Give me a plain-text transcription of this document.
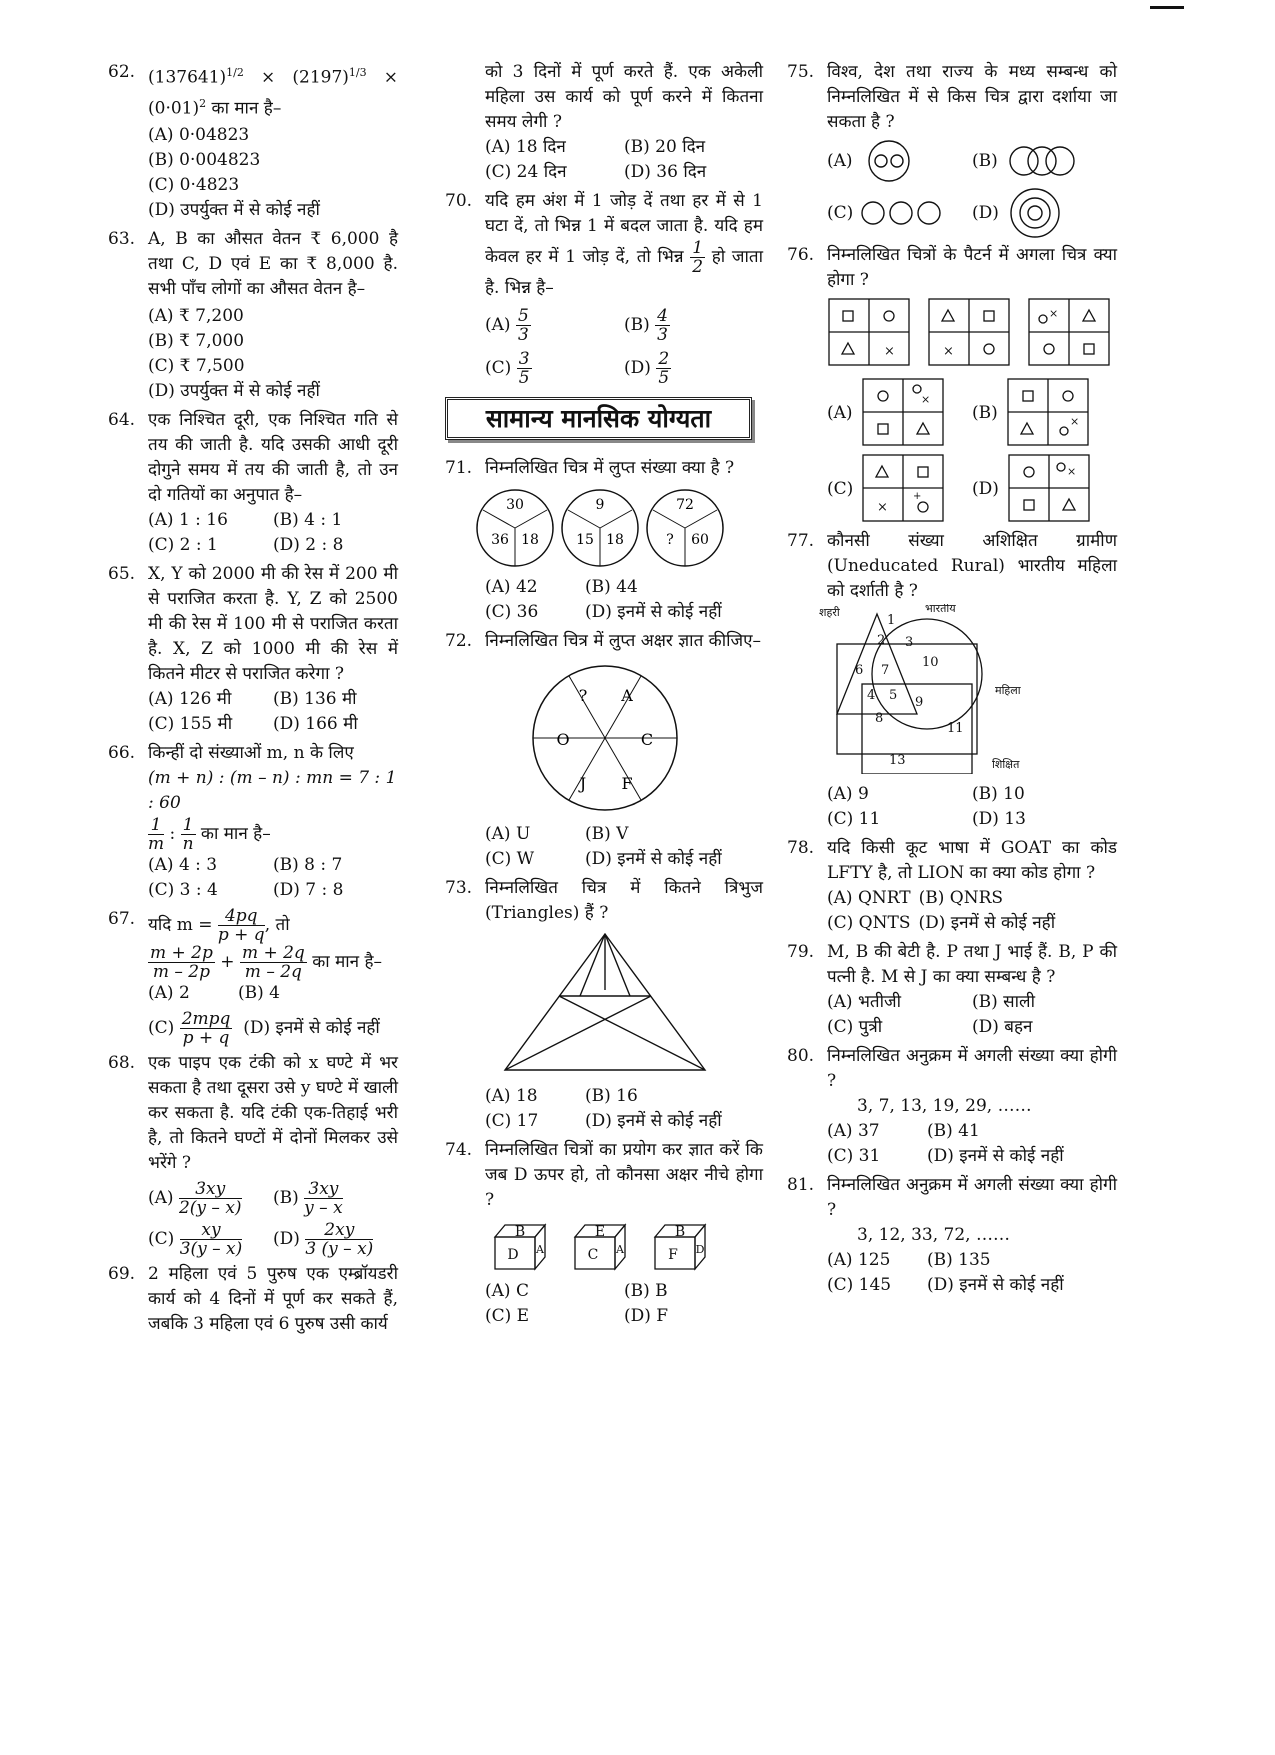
62. $(137641)^{1/2} \times (2197)^{1/3} \times (0\cdot 01)^2$ का मान है–
(A) 0·04823
(B) 0·004823
(C) 0·4823
(D) उपर्युक्त में से कोई नहीं
63. A, B का औसत वेतन ₹ 6,000 है तथा C, D एवं E का ₹ 8,000 है. सभी पाँच लोगों का औसत वेतन है–
(A) ₹ 7,200
(B) ₹ 7,000
(C) ₹ 7,500
(D) उपर्युक्त में से कोई नहीं
64. एक निश्चित दूरी, एक निश्चित गति से तय की जाती है. यदि उसकी आधी दूरी दोगुने समय में तय की जाती है, तो उन दो गतियों का अनुपात है–
(A) 1 : 16	(B) 4 : 1
(C) 2 : 1	(D) 2 : 8
65. X, Y को 2000 मी की रेस में 200 मी से पराजित करता है. Y, Z को 2500 मी की रेस में 100 मी से पराजित करता है. X, Z को 1000 मी की रेस में कितने मीटर से पराजित करेगा ?
(A) 126 मी	(B) 136 मी
(C) 155 मी	(D) 166 मी
66. किन्हीं दो संख्याओं m, n के लिए
(m + n) : (m – n) : mn = 7 : 1 : 60
$\frac{1}{m}$ : $\frac{1}{n}$ का मान है–
(A) 4 : 3	(B) 8 : 7
(C) 3 : 4	(D) 7 : 8
67. यदि $m = \frac{4pq}{p + q}$ , तो
$\frac{m + 2p}{m - 2p} + \frac{m + 2q}{m - 2q}$ का मान है–
(A) 2	(B) 4
$(C) \frac{\text{2mpq}}{p + q} (D)$ इनमें से कोई नहीं
68. एक पाइप एक टंकी को x घण्टे में भर सकता है तथा दूसरा उसे y घण्टे में खाली कर सकता है. यदि टंकी एक-तिहाई भरी है, तो कितने घण्टों में दोनों मिलकर उसे भरेंगे ?
$(A) \frac{3xy}{2(y - x)} (B) \frac{3xy}{y - x}$
$(C) \frac{xy}{3(y - x)} (D) \frac{2xy}{3 (y - x)}$
69. 2 महिला एवं 5 पुरुष एक एम्ब्रॉयडरी कार्य को 4 दिनों में पूर्ण कर सकते हैं, जबकि 3 महिला एवं 6 पुरुष उसी कार्य
को 3 दिनों में पूर्ण करते हैं. एक अकेली महिला उस कार्य को पूर्ण करने में कितना समय लेगी ?
(A) 18 दिन	(B) 20 दिन
(C) 24 दिन	(D) 36 दिन
70. यदि हम अंश में 1 जोड़ दें तथा हर में से 1 घटा दें, तो भिन्न 1 में बदल जाता है. यदि हम केवल हर में 1 जोड़ दें, तो भिन्न $\frac{1}{2}$ हो जाता है. भिन्न है–
$(A) \frac{5}{3}$	$(B) \frac{4}{3}$
$(C) \frac{3}{5}$	$(D) \frac{2}{5}$
सामान्य मानसिक योग्यता
71. निम्नलिखित चित्र में लुप्त संख्या क्या है ?
30
36 18
9
15 18
72
? 60
(A) 42	(B) 44
(C) 36	(D) इनमें से कोई नहीं
72. निम्नलिखित चित्र में लुप्त अक्षर ज्ञात कीजिए–
? A
C
F
J
O
(A) U	(B) V
(C) W	(D) इनमें से कोई नहीं
73. निम्नलिखित चित्र में कितने त्रिभुज (Triangles) हैं ?
(A) 18	(B) 16
(C) 17	(D) इनमें से कोई नहीं
74. निम्नलिखित चित्रों का प्रयोग कर ज्ञात करें कि जब D ऊपर हो, तो कौनसा अक्षर नीचे होगा ?
B
D A
E
C A
B
F D
(A) C	(B) B
(C) E	(D) F
75. विश्व, देश तथा राज्य के मध्य सम्बन्ध को निम्नलिखित में से किस चित्र द्वारा दर्शाया जा सकता है ?
(A)	(B)
(C)	(D)
76. निम्नलिखित चित्रों के पैटर्न में अगला चित्र क्या होगा ?
×	×
×
(A)
×
(B)	×
(C)
×
+	(D)
×
77. कौनसी संख्या अशिक्षित ग्रामीण (Uneducated Rural) भारतीय महिला को दर्शाती है ?
शहरी	भारतीय
महिला
शिक्षित
1
2 3
10
6 7
4 5 9
8
11
13
(A) 9	(B) 10
(C) 11	(D) 13
78. यदि किसी कूट भाषा में GOAT का कोड LFTY है, तो LION का क्या कोड होगा ?
(A) QNRT (B) QNRS
(C) QNTS (D) इनमें से कोई नहीं
79. M, B की बेटी है. P तथा J भाई हैं. B, P की पत्नी है. M से J का क्या सम्बन्ध है ?
(A) भतीजी	(B) साली
(C) पुत्री	(D) बहन
80. निम्नलिखित अनुक्रम में अगली संख्या क्या होगी ?
3, 7, 13, 19, 29, ……
(A) 37	(B) 41
(C) 31	(D) इनमें से कोई नहीं
81. निम्नलिखित अनुक्रम में अगली संख्या क्या होगी ?
3, 12, 33, 72, ……
(A) 125	(B) 135
(C) 145	(D) इनमें से कोई नहीं
